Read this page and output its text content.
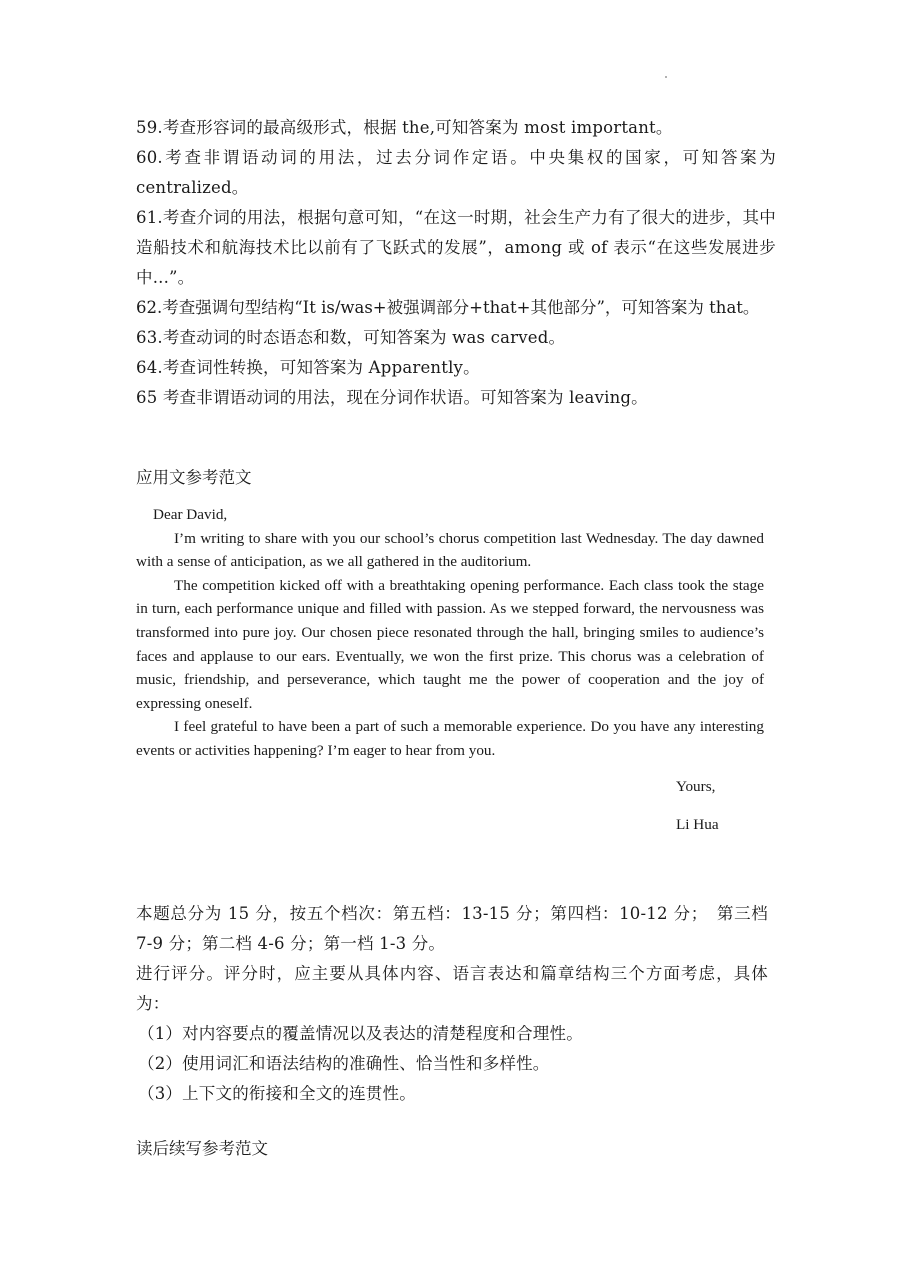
59.考查形容词的最高级形式，根据 the,可知答案为 most important。

60.考查非谓语动词的用法，过去分词作定语。中央集权的国家，可知答案为 centralized。

61.考查介词的用法，根据句意可知，“在这一时期，社会生产力有了很大的进步，其中造船技术和航海技术比以前有了飞跃式的发展”，among 或 of 表示“在这些发展进步中...”。

62.考查强调句型结构“It is/was+被强调部分+that+其他部分”，可知答案为 that。

63.考查动词的时态语态和数，可知答案为 was carved。

64.考查词性转换，可知答案为 Apparently。

65 考查非谓语动词的用法，现在分词作状语。可知答案为 leaving。

应用文参考范文

Dear David,

I’m writing to share with you our school’s chorus competition last Wednesday. The day dawned with a sense of anticipation, as we all gathered in the auditorium.

The competition kicked off with a breathtaking opening performance. Each class took the stage in turn, each performance unique and filled with passion. As we stepped forward, the nervousness was transformed into pure joy. Our chosen piece resonated through the hall, bringing smiles to audience’s faces and applause to our ears. Eventually, we won the first prize. This chorus was a celebration of music, friendship, and perseverance, which taught me the power of cooperation and the joy of expressing oneself.

I feel grateful to have been a part of such a memorable experience. Do you have any interesting events or activities happening? I’m eager to hear from you.

Yours,

Li Hua

本题总分为 15 分，按五个档次：第五档：13-15 分；第四档：10-12 分；　第三档 7-9 分；第二档 4-6 分；第一档 1-3 分。

进行评分。评分时，应主要从具体内容、语言表达和篇章结构三个方面考虑，具体为：

（1）对内容要点的覆盖情况以及表达的清楚程度和合理性。

（2）使用词汇和语法结构的准确性、恰当性和多样性。

（3）上下文的衔接和全文的连贯性。

读后续写参考范文
